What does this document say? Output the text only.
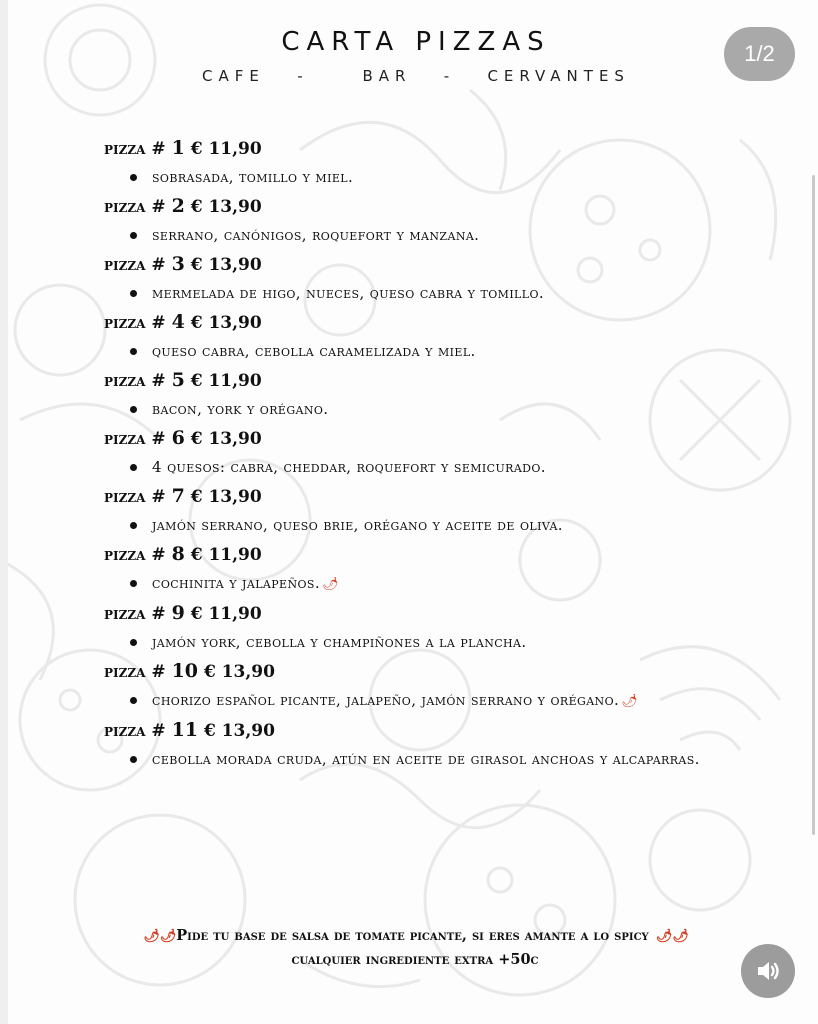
CARTA PIZZAS
CAFE   -     BAR   -   CERVANTES
1/2
pizza # 1 € 11,90
sobrasada, tomillo y miel.
pizza # 2 € 13,90
serrano, canónigos, roquefort y manzana.
pizza # 3 € 13,90
mermelada de higo, nueces, queso cabra y tomillo.
pizza # 4 € 13,90
queso cabra, cebolla caramelizada y miel.
pizza # 5 € 11,90
bacon, york y orégano.
pizza # 6 € 13,90
4 quesos: cabra, cheddar, roquefort y semicurado.
pizza # 7 € 13,90
jamón serrano, queso brie, orégano y aceite de oliva.
pizza # 8 € 11,90
cochinita y jalapeños. 🌶
pizza # 9 € 11,90
jamón york, cebolla y champiñones a la plancha.
pizza # 10 € 13,90
chorizo español picante, jalapeño, jamón serrano y orégano. 🌶
pizza # 11 € 13,90
cebolla morada cruda, atún en aceite de girasol anchoas y alcaparras.
🌶🌶Pide tu base de salsa de tomate picante, si eres amante a lo spicy 🌶🌶
cualquier ingrediente extra +50c
